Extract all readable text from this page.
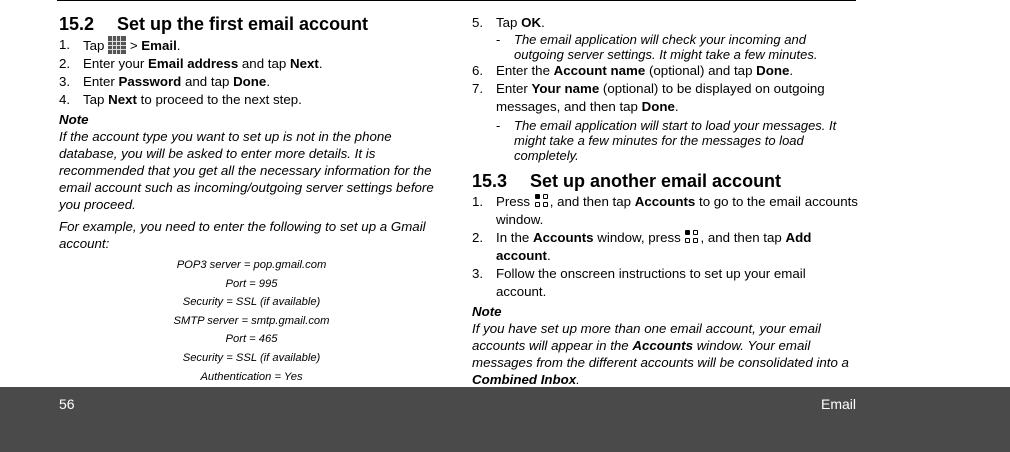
15.2 Set up the first email account
1. Tap  > Email.
2. Enter your Email address and tap Next.
3. Enter Password and tap Done.
4. Tap Next to proceed to the next step.
Note
If the account type you want to set up is not in the phone database, you will be asked to enter more details. It is recommended that you get all the necessary information for the email account such as incoming/outgoing server settings before you proceed.
For example, you need to enter the following to set up a Gmail account:
POP3 server = pop.gmail.com
Port = 995
Security = SSL (if available)
SMTP server = smtp.gmail.com
Port = 465
Security = SSL (if available)
Authentication = Yes
5. Tap OK.
- The email application will check your incoming and outgoing server settings. It might take a few minutes.
6. Enter the Account name (optional) and tap Done.
7. Enter Your name (optional) to be displayed on outgoing messages, and then tap Done.
- The email application will start to load your messages. It might take a few minutes for the messages to load completely.
15.3 Set up another email account
1. Press
, and then tap Accounts to go to the email accounts window.
2. In the Accounts window, press
, and then tap Add account.
3. Follow the onscreen instructions to set up your email account.
Note
If you have set up more than one email account, your email accounts will appear in the Accounts window. Your email messages from the different accounts will be consolidated into a Combined Inbox.
56	Email
